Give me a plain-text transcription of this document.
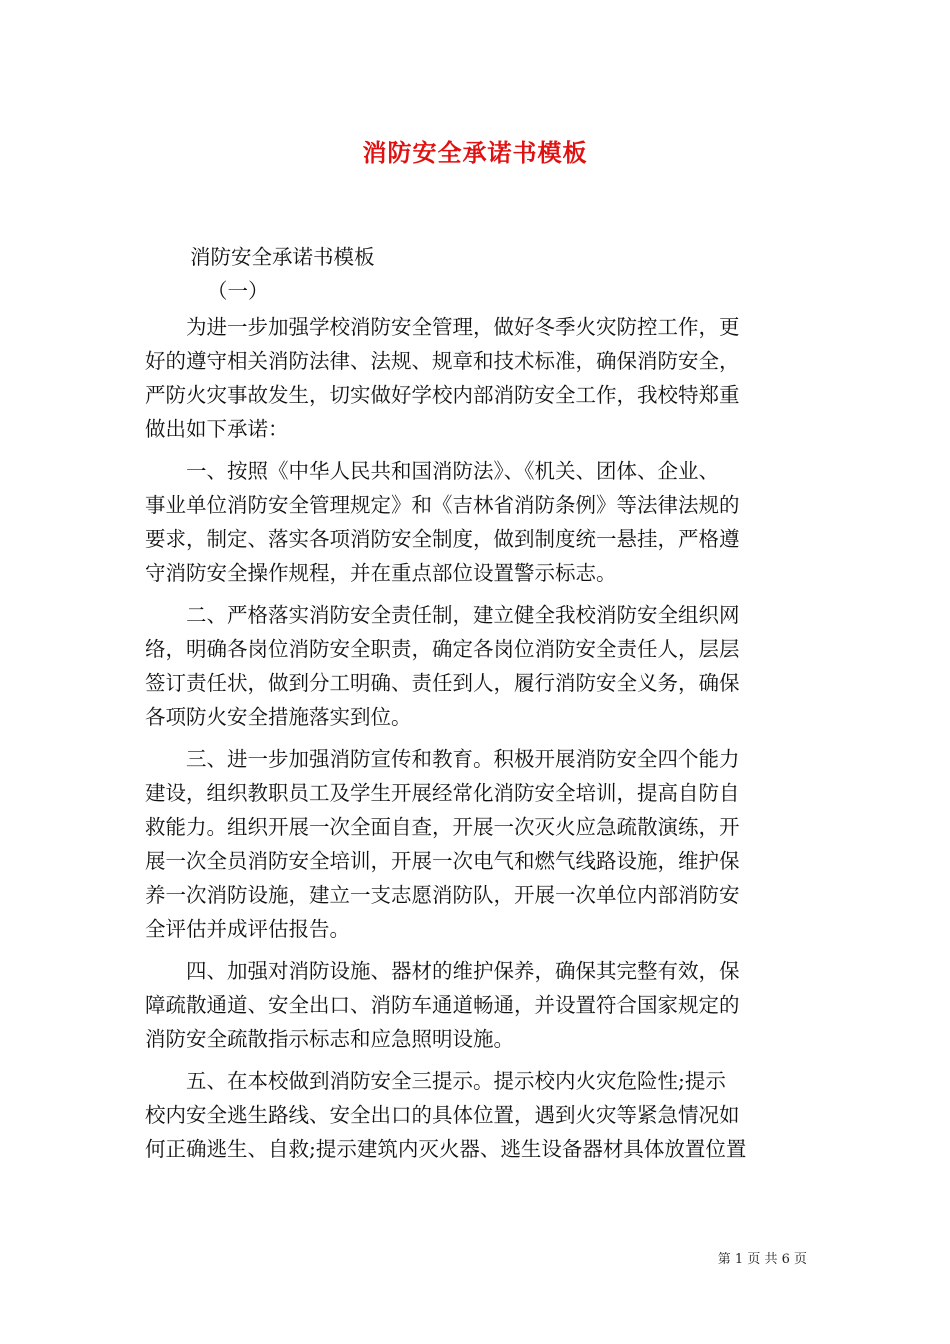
消防安全承诺书模板
消防安全承诺书模板
（一）
　　为进一步加强学校消防安全管理，做好冬季火灾防控工作，更
好的遵守相关消防法律、法规、规章和技术标准，确保消防安全，
严防火灾事故发生，切实做好学校内部消防安全工作，我校特郑重
做出如下承诺：
　　一、按照《中华人民共和国消防法》、《机关、团体、企业、
事业单位消防安全管理规定》和《吉林省消防条例》等法律法规的
要求，制定、落实各项消防安全制度，做到制度统一悬挂，严格遵
守消防安全操作规程，并在重点部位设置警示标志。
　　二、严格落实消防安全责任制，建立健全我校消防安全组织网
络，明确各岗位消防安全职责，确定各岗位消防安全责任人，层层
签订责任状，做到分工明确、责任到人，履行消防安全义务，确保
各项防火安全措施落实到位。
　　三、进一步加强消防宣传和教育。积极开展消防安全四个能力
建设，组织教职员工及学生开展经常化消防安全培训，提高自防自
救能力。组织开展一次全面自查，开展一次灭火应急疏散演练，开
展一次全员消防安全培训，开展一次电气和燃气线路设施，维护保
养一次消防设施，建立一支志愿消防队，开展一次单位内部消防安
全评估并成评估报告。
　　四、加强对消防设施、器材的维护保养，确保其完整有效，保
障疏散通道、安全出口、消防车通道畅通，并设置符合国家规定的
消防安全疏散指示标志和应急照明设施。
　　五、在本校做到消防安全三提示。提示校内火灾危险性;提示
校内安全逃生路线、安全出口的具体位置，遇到火灾等紧急情况如
何正确逃生、自救;提示建筑内灭火器、逃生设备器材具体放置位置
第 1 页 共 6 页
